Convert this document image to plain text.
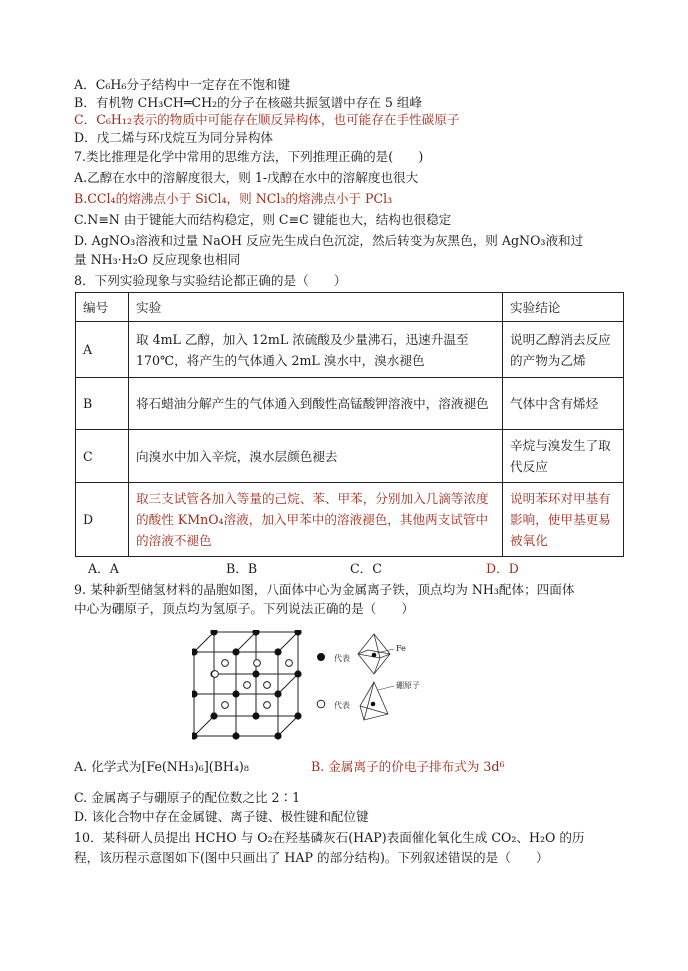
A．C₆H₆分子结构中一定存在不饱和键
B．有机物 CH₃CH═CH₂的分子在核磁共振氢谱中存在 5 组峰
C．C₆H₁₂表示的物质中可能存在顺反异构体，也可能存在手性碳原子
D．戊二烯与环戊烷互为同分异构体
7.类比推理是化学中常用的思维方法，下列推理正确的是(　　)
A.乙醇在水中的溶解度很大，则 1-戊醇在水中的溶解度也很大
B.CCl₄的熔沸点小于 SiCl₄，则 NCl₃的熔沸点小于 PCl₃
C.N≡N 由于键能大而结构稳定，则 C≡C 键能也大，结构也很稳定
D. AgNO₃溶液和过量 NaOH 反应先生成白色沉淀，然后转变为灰黑色，则 AgNO₃液和过
量 NH₃·H₂O 反应现象也相同
8．下列实验现象与实验结论都正确的是（　　）
编号	实验	实验结论
A	取 4mL 乙醇，加入 12mL 浓硫酸及少量沸石，迅速升温至 170℃，将产生的气体通入 2mL 溴水中，溴水褪色	说明乙醇消去反应的产物为乙烯
B	将石蜡油分解产生的气体通入到酸性高锰酸钾溶液中，溶液褪色	气体中含有烯烃
C	向溴水中加入辛烷，溴水层颜色褪去	辛烷与溴发生了取代反应
D	取三支试管各加入等量的己烷、苯、甲苯，分别加入几滴等浓度的酸性 KMnO₄溶液，加入甲苯中的溶液褪色，其他两支试管中的溶液不褪色	说明苯环对甲基有影响，使甲基更易被氧化
A．A	B．B	C．C	D．D
9. 某种新型储氢材料的晶胞如图，八面体中心为金属离子铁，顶点均为 NH₃配体；四面体
中心为硼原子，顶点均为氢原子。下列说法正确的是（　　）
代表
Fe
代表
硼原子
A. 化学式为[Fe(NH₃)₆](BH₄)₈	B. 金属离子的价电子排布式为 3d⁶
C. 金属离子与硼原子的配位数之比 2∶1
D. 该化合物中存在金属键、离子键、极性键和配位键
10．某科研人员提出 HCHO 与 O₂在羟基磷灰石(HAP)表面催化氧化生成 CO₂、H₂O 的历
程，该历程示意图如下(图中只画出了 HAP 的部分结构)。下列叙述错误的是（　　）
